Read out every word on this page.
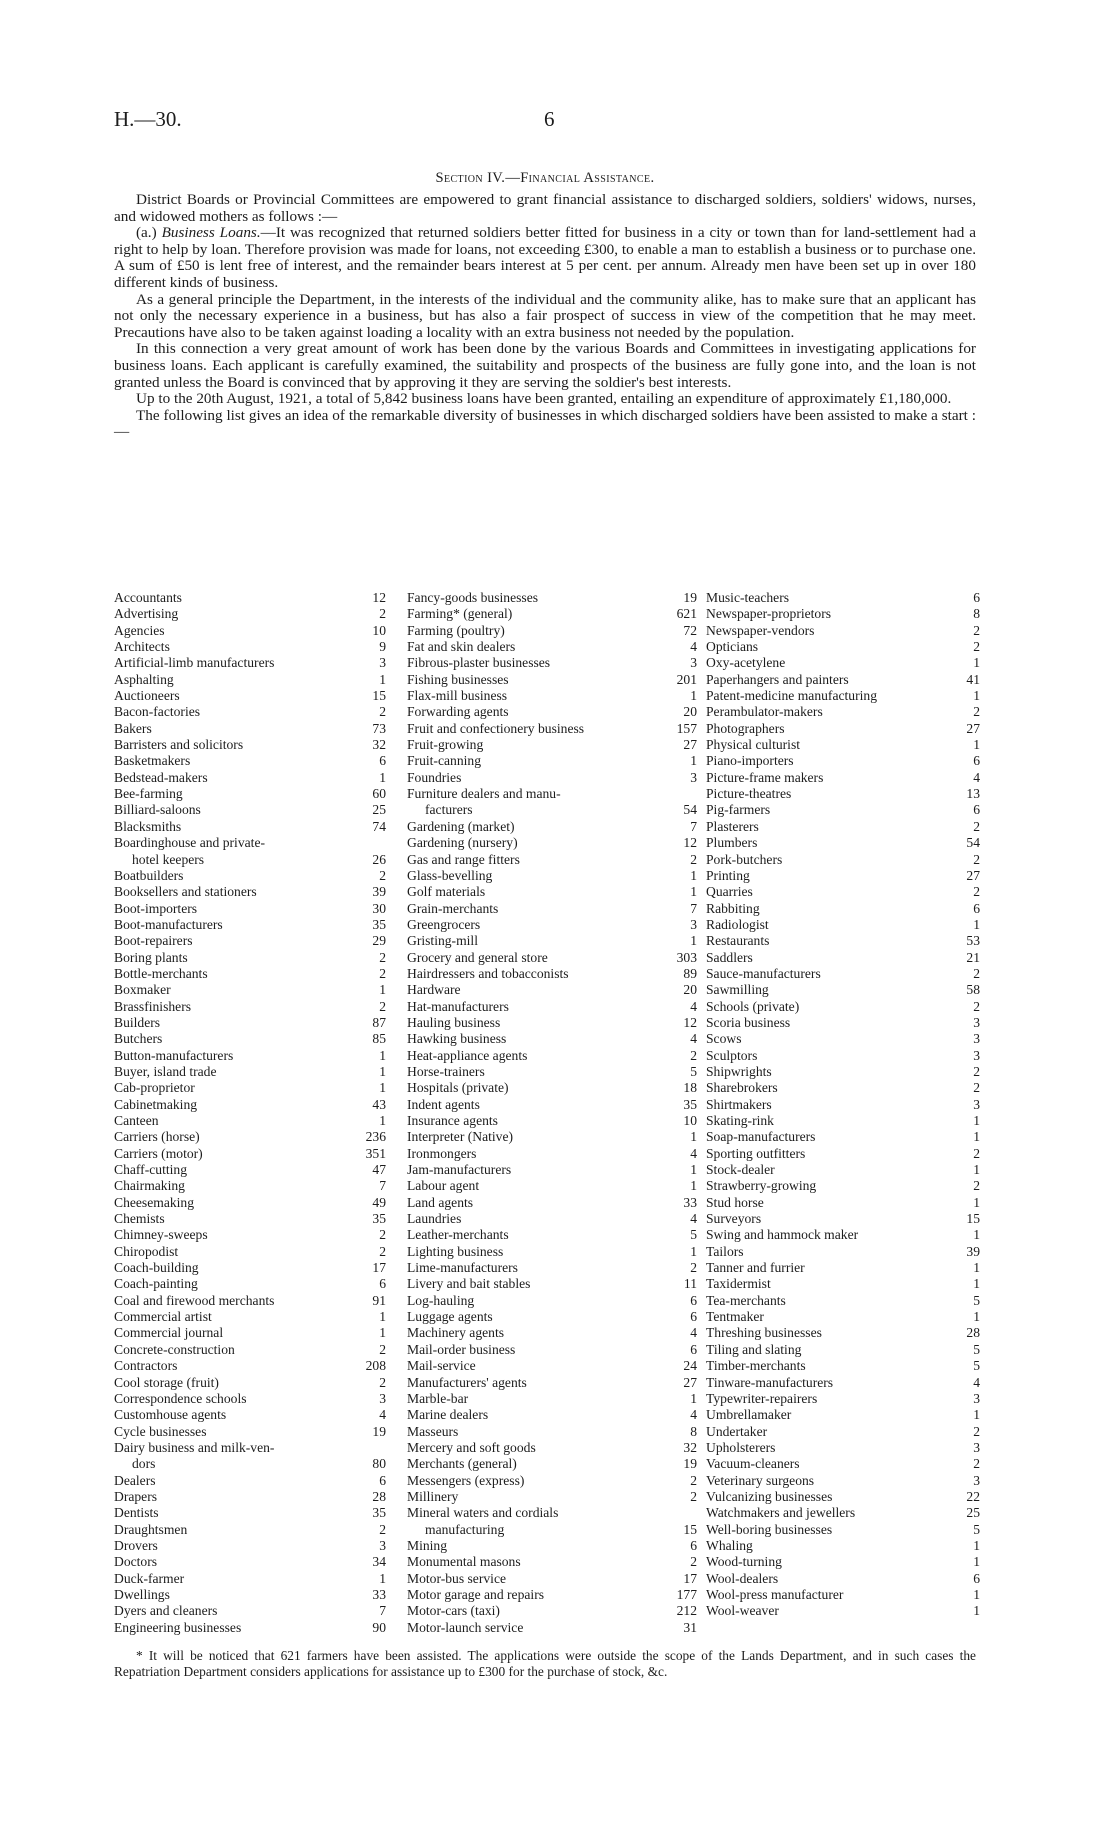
H.—30.	6
Section IV.—Financial Assistance.

District Boards or Provincial Committees are empowered to grant financial assistance to discharged soldiers, soldiers' widows, nurses, and widowed mothers as follows :—

(a.) Business Loans.—It was recognized that returned soldiers better fitted for business in a city or town than for land-settlement had a right to help by loan. Therefore provision was made for loans, not exceeding £300, to enable a man to establish a business or to purchase one. A sum of £50 is lent free of interest, and the remainder bears interest at 5 per cent. per annum. Already men have been set up in over 180 different kinds of business.

As a general principle the Department, in the interests of the individual and the community alike, has to make sure that an applicant has not only the necessary experience in a business, but has also a fair prospect of success in view of the competition that he may meet. Precautions have also to be taken against loading a locality with an extra business not needed by the population.

In this connection a very great amount of work has been done by the various Boards and Committees in investigating applications for business loans. Each applicant is carefully examined, the suitability and prospects of the business are fully gone into, and the loan is not granted unless the Board is convinced that by approving it they are serving the soldier's best interests.

Up to the 20th August, 1921, a total of 5,842 business loans have been granted, entailing an expenditure of approximately £1,180,000.

The following list gives an idea of the remarkable diversity of businesses in which discharged soldiers have been assisted to make a start :—

Accountants	12
Advertising	2
Agencies	10
Architects	9
Artificial-limb manufacturers	3
Asphalting	1
Auctioneers	15
Bacon-factories	2
Bakers	73
Barristers and solicitors	32
Basketmakers	6
Bedstead-makers	1
Bee-farming	60
Billiard-saloons	25
Blacksmiths	74
Boardinghouse and private-
hotel keepers	26
Boatbuilders	2
Booksellers and stationers	39
Boot-importers	30
Boot-manufacturers	35
Boot-repairers	29
Boring plants	2
Bottle-merchants	2
Boxmaker	1
Brassfinishers	2
Builders	87
Butchers	85
Button-manufacturers	1
Buyer, island trade	1
Cab-proprietor	1
Cabinetmaking	43
Canteen	1
Carriers (horse)	236
Carriers (motor)	351
Chaff-cutting	47
Chairmaking	7
Cheesemaking	49
Chemists	35
Chimney-sweeps	2
Chiropodist	2
Coach-building	17
Coach-painting	6
Coal and firewood merchants	91
Commercial artist	1
Commercial journal	1
Concrete-construction	2
Contractors	208
Cool storage (fruit)	2
Correspondence schools	3
Customhouse agents	4
Cycle businesses	19
Dairy business and milk-ven-
dors	80
Dealers	6
Drapers	28
Dentists	35
Draughtsmen	2
Drovers	3
Doctors	34
Duck-farmer	1
Dwellings	33
Dyers and cleaners	7
Engineering businesses	90
Fancy-goods businesses	19
Farming* (general)	621
Farming (poultry)	72
Fat and skin dealers	4
Fibrous-plaster businesses	3
Fishing businesses	201
Flax-mill business	1
Forwarding agents	20
Fruit and confectionery business	157
Fruit-growing	27
Fruit-canning	1
Foundries	3
Furniture dealers and manu-
facturers	54
Gardening (market)	7
Gardening (nursery)	12
Gas and range fitters	2
Glass-bevelling	1
Golf materials	1
Grain-merchants	7
Greengrocers	3
Gristing-mill	1
Grocery and general store	303
Hairdressers and tobacconists	89
Hardware	20
Hat-manufacturers	4
Hauling business	12
Hawking business	4
Heat-appliance agents	2
Horse-trainers	5
Hospitals (private)	18
Indent agents	35
Insurance agents	10
Interpreter (Native)	1
Ironmongers	4
Jam-manufacturers	1
Labour agent	1
Land agents	33
Laundries	4
Leather-merchants	5
Lighting business	1
Lime-manufacturers	2
Livery and bait stables	11
Log-hauling	6
Luggage agents	6
Machinery agents	4
Mail-order business	6
Mail-service	24
Manufacturers' agents	27
Marble-bar	1
Marine dealers	4
Masseurs	8
Mercery and soft goods	32
Merchants (general)	19
Messengers (express)	2
Millinery	2
Mineral waters and cordials
manufacturing	15
Mining	6
Monumental masons	2
Motor-bus service	17
Motor garage and repairs	177
Motor-cars (taxi)	212
Motor-launch service	31
Music-teachers	6
Newspaper-proprietors	8
Newspaper-vendors	2
Opticians	2
Oxy-acetylene	1
Paperhangers and painters	41
Patent-medicine manufacturing	1
Perambulator-makers	2
Photographers	27
Physical culturist	1
Piano-importers	6
Picture-frame makers	4
Picture-theatres	13
Pig-farmers	6
Plasterers	2
Plumbers	54
Pork-butchers	2
Printing	27
Quarries	2
Rabbiting	6
Radiologist	1
Restaurants	53
Saddlers	21
Sauce-manufacturers	2
Sawmilling	58
Schools (private)	2
Scoria business	3
Scows	3
Sculptors	3
Shipwrights	2
Sharebrokers	2
Shirtmakers	3
Skating-rink	1
Soap-manufacturers	1
Sporting outfitters	2
Stock-dealer	1
Strawberry-growing	2
Stud horse	1
Surveyors	15
Swing and hammock maker	1
Tailors	39
Tanner and furrier	1
Taxidermist	1
Tea-merchants	5
Tentmaker	1
Threshing businesses	28
Tiling and slating	5
Timber-merchants	5
Tinware-manufacturers	4
Typewriter-repairers	3
Umbrellamaker	1
Undertaker	2
Upholsterers	3
Vacuum-cleaners	2
Veterinary surgeons	3
Vulcanizing businesses	22
Watchmakers and jewellers	25
Well-boring businesses	5
Whaling	1
Wood-turning	1
Wool-dealers	6
Wool-press manufacturer	1
Wool-weaver	1
* It will be noticed that 621 farmers have been assisted. The applications were outside the scope of the Lands Department, and in such cases the Repatriation Department considers applications for assistance up to £300 for the purchase of stock, &c.
